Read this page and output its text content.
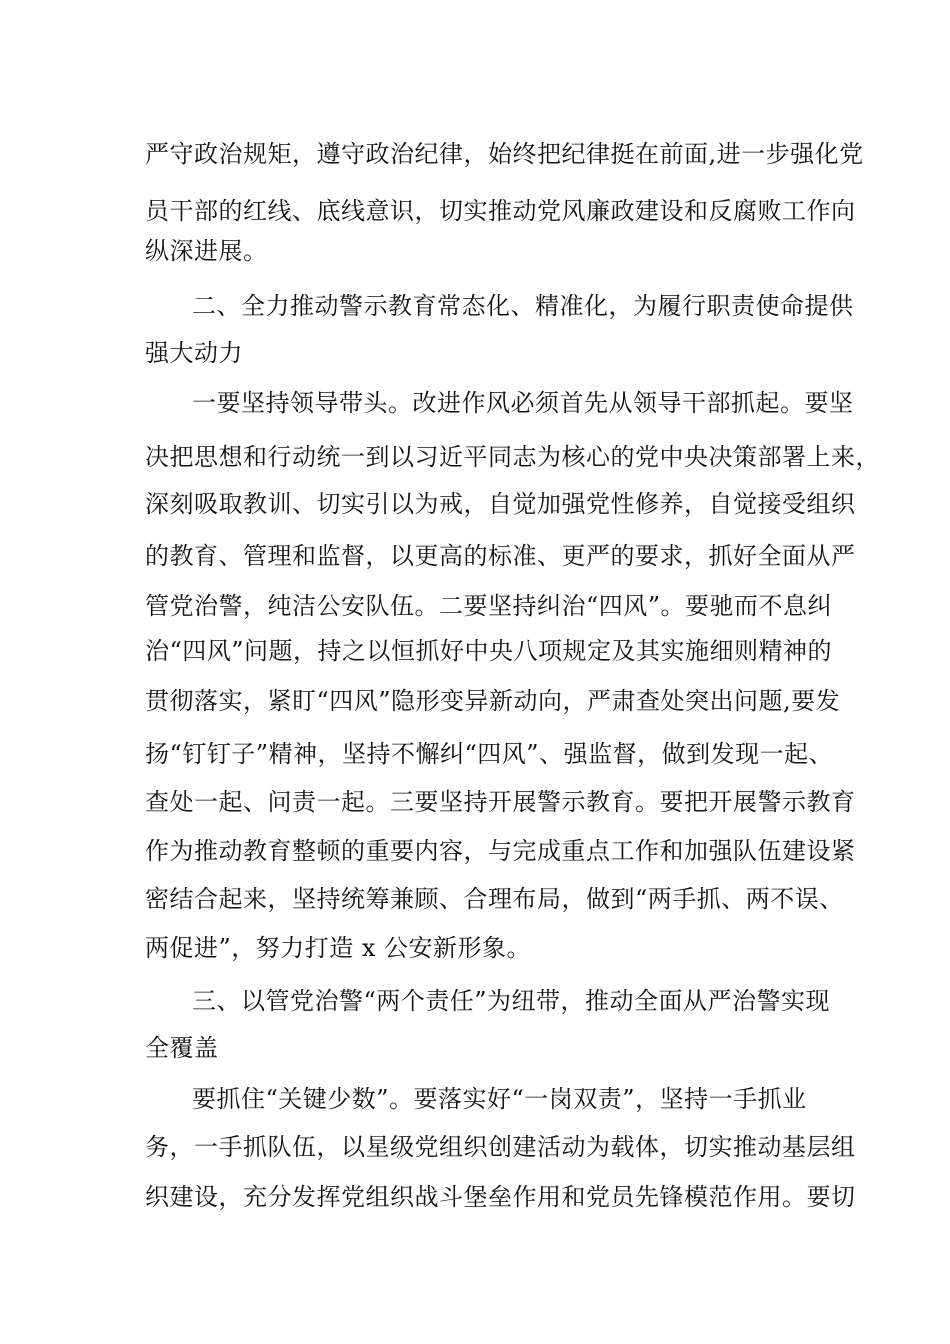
严守政治规矩，遵守政治纪律，始终把纪律挺在前面,进一步强化党
员干部的红线、底线意识，切实推动党风廉政建设和反腐败工作向
纵深进展。
二、全力推动警示教育常态化、精准化，为履行职责使命提供
强大动力
一要坚持领导带头。改进作风必须首先从领导干部抓起。要坚
决把思想和行动统一到以习近平同志为核心的党中央决策部署上来，
深刻吸取教训、切实引以为戒，自觉加强党性修养，自觉接受组织
的教育、管理和监督，以更高的标准、更严的要求，抓好全面从严
管党治警，纯洁公安队伍。二要坚持纠治“四风”。要驰而不息纠
治“四风”问题，持之以恒抓好中央八项规定及其实施细则精神的
贯彻落实，紧盯“四风”隐形变异新动向，严肃查处突出问题,要发
扬“钉钉子”精神，坚持不懈纠“四风”、强监督，做到发现一起、
查处一起、问责一起。三要坚持开展警示教育。要把开展警示教育
作为推动教育整顿的重要内容，与完成重点工作和加强队伍建设紧
密结合起来，坚持统筹兼顾、合理布局，做到“两手抓、两不误、
两促进”，努力打造 x 公安新形象。
三、以管党治警“两个责任”为纽带，推动全面从严治警实现
全覆盖
要抓住“关键少数”。要落实好“一岗双责”，坚持一手抓业
务，一手抓队伍，以星级党组织创建活动为载体，切实推动基层组
织建设，充分发挥党组织战斗堡垒作用和党员先锋模范作用。要切
